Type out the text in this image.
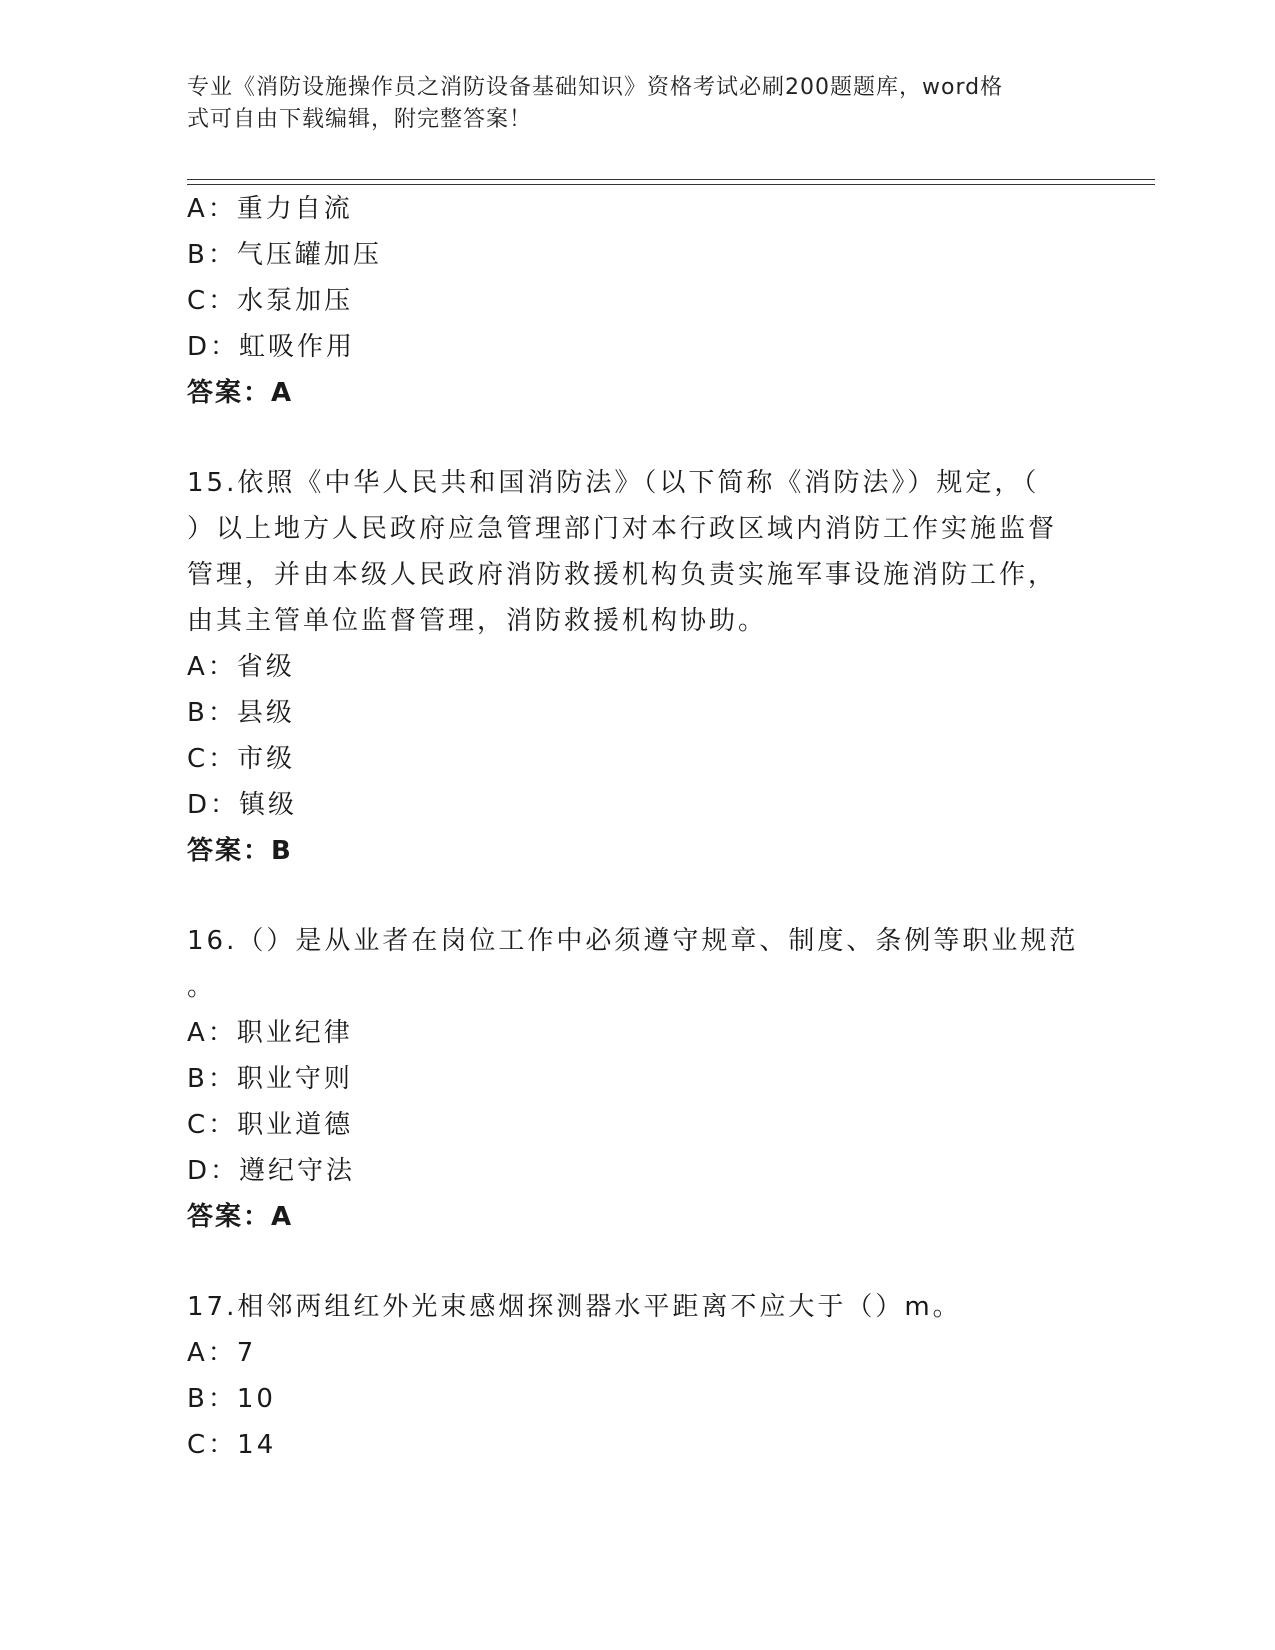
专业《消防设施操作员之消防设备基础知识》资格考试必刷200题题库，word格
式可自由下载编辑，附完整答案！
A：重力自流
B：气压罐加压
C：水泵加压
D：虹吸作用
答案：A
15.依照《中华人民共和国消防法》（以下简称《消防法》）规定，（
）以上地方人民政府应急管理部门对本行政区域内消防工作实施监督
管理，并由本级人民政府消防救援机构负责实施军事设施消防工作，
由其主管单位监督管理，消防救援机构协助。
A：省级
B：县级
C：市级
D：镇级
答案：B
16.（）是从业者在岗位工作中必须遵守规章、制度、条例等职业规范
。
A：职业纪律
B：职业守则
C：职业道德
D：遵纪守法
答案：A
17.相邻两组红外光束感烟探测器水平距离不应大于（）m。
A：7
B：10
C：14
